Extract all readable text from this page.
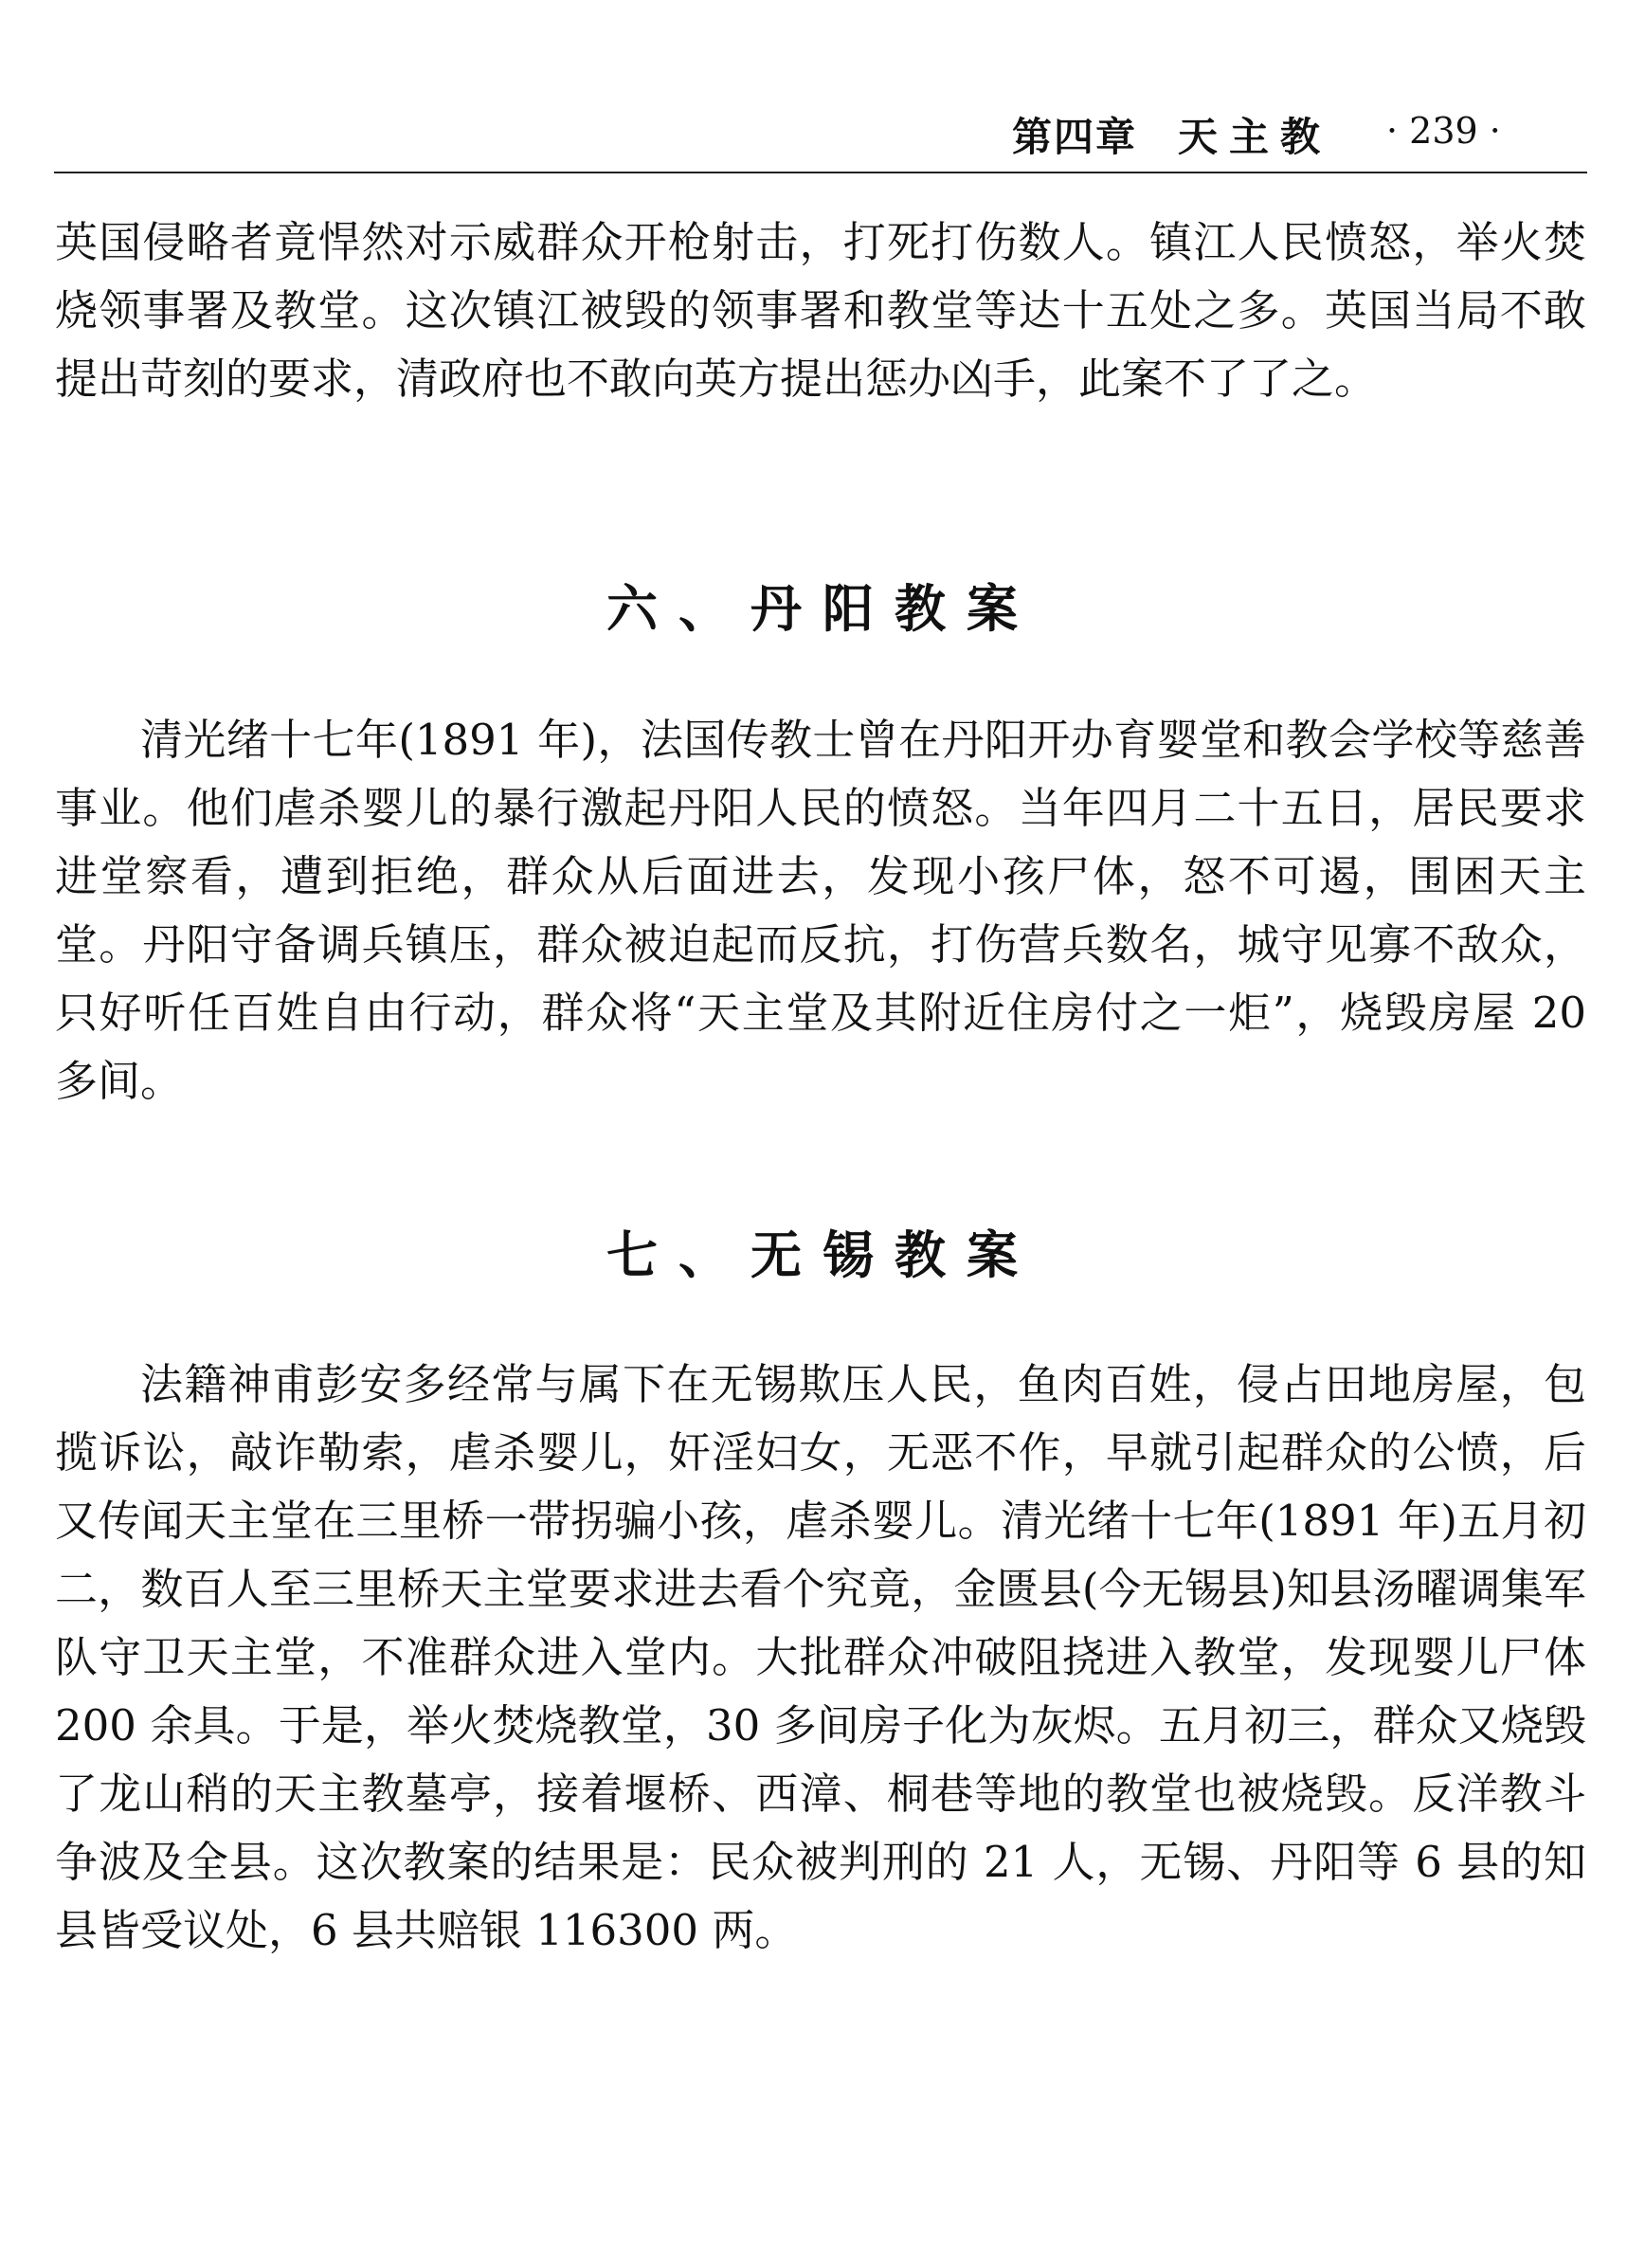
第四章 天主教 · 239 ·

英国侵略者竟悍然对示威群众开枪射击，打死打伤数人。镇江人民愤怒，举火焚烧领事署及教堂。这次镇江被毁的领事署和教堂等达十五处之多。英国当局不敢提出苛刻的要求，清政府也不敢向英方提出惩办凶手，此案不了了之。

六、丹阳教案

清光绪十七年(1891 年)，法国传教士曾在丹阳开办育婴堂和教会学校等慈善事业。他们虐杀婴儿的暴行激起丹阳人民的愤怒。当年四月二十五日，居民要求进堂察看，遭到拒绝，群众从后面进去，发现小孩尸体，怒不可遏，围困天主堂。丹阳守备调兵镇压，群众被迫起而反抗，打伤营兵数名，城守见寡不敌众，只好听任百姓自由行动，群众将“天主堂及其附近住房付之一炬”，烧毁房屋 20 多间。

七、无锡教案

法籍神甫彭安多经常与属下在无锡欺压人民，鱼肉百姓，侵占田地房屋，包揽诉讼，敲诈勒索，虐杀婴儿，奸淫妇女，无恶不作，早就引起群众的公愤，后又传闻天主堂在三里桥一带拐骗小孩，虐杀婴儿。清光绪十七年(1891 年)五月初二，数百人至三里桥天主堂要求进去看个究竟，金匮县(今无锡县)知县汤曜调集军队守卫天主堂，不准群众进入堂内。大批群众冲破阻挠进入教堂，发现婴儿尸体 200 余具。于是，举火焚烧教堂，30 多间房子化为灰烬。五月初三，群众又烧毁了龙山稍的天主教墓亭，接着堰桥、西漳、桐巷等地的教堂也被烧毁。反洋教斗争波及全县。这次教案的结果是：民众被判刑的 21 人，无锡、丹阳等 6 县的知县皆受议处，6 县共赔银 116300 两。
